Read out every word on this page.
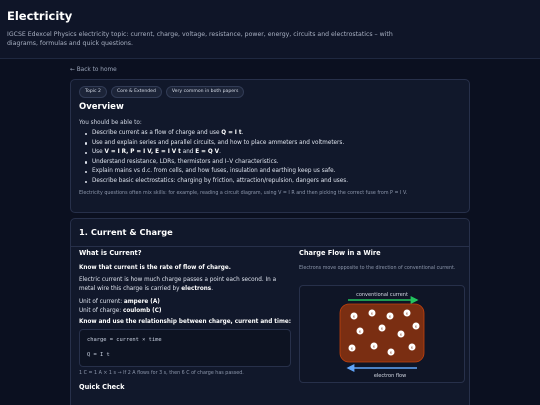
Electricity
IGCSE Edexcel Physics electricity topic: current, charge, voltage, resistance, power, energy, circuits and electrostatics – with diagrams, formulas and quick questions.
← Back to home
Topic 2	Core & Extended	Very common in both papers
Overview
You should be able to:
Describe current as a flow of charge and use Q = I t.
Use and explain series and parallel circuits, and how to place ammeters and voltmeters.
Use V = I R, P = I V, E = I V t and E = Q V.
Understand resistance, LDRs, thermistors and I–V characteristics.
Explain mains vs d.c. from cells, and how fuses, insulation and earthing keep us safe.
Describe basic electrostatics: charging by friction, attraction/repulsion, dangers and uses.
Electricity questions often mix skills: for example, reading a circuit diagram, using V = I R and then picking the correct fuse from P = I V.
1. Current & Charge
What is Current?
Know that current is the rate of flow of charge.
Electric current is how much charge passes a point each second. In a metal wire this charge is carried by electrons.
Unit of current: ampere (A)
Unit of charge: coulomb (C)
Know and use the relationship between charge, current and time:
charge = current × time
Q = I t
1 C = 1 A × 1 s → If 2 A flows for 3 s, then 6 C of charge has passed.
Quick Check
Charge Flow in a Wire
Electrons move opposite to the direction of conventional current.
conventional current
e
e
e
e
e
e
e
e
e	e
e
e
electron flow
